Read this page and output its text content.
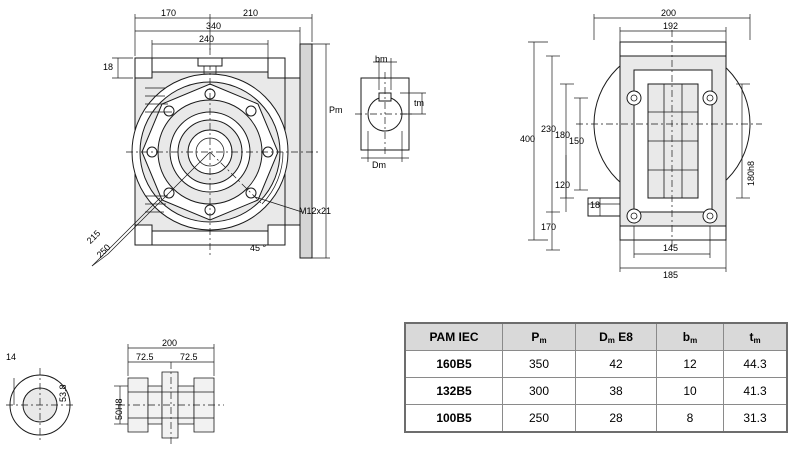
170	210
340
240
18
Pm
215
250	45 °
M12x21
bm
tm
Dm
200
192
400
230
180
150
120
170
18
145
185
180h8
14
200
72.5	72.5
50H8
53.8
PAM IEC	$P_m$	$D_m$ E8	$b_m$	$t_m$
160B5	350	42	12	44.3
132B5	300	38	10	41.3
100B5	250	28	8	31.3
